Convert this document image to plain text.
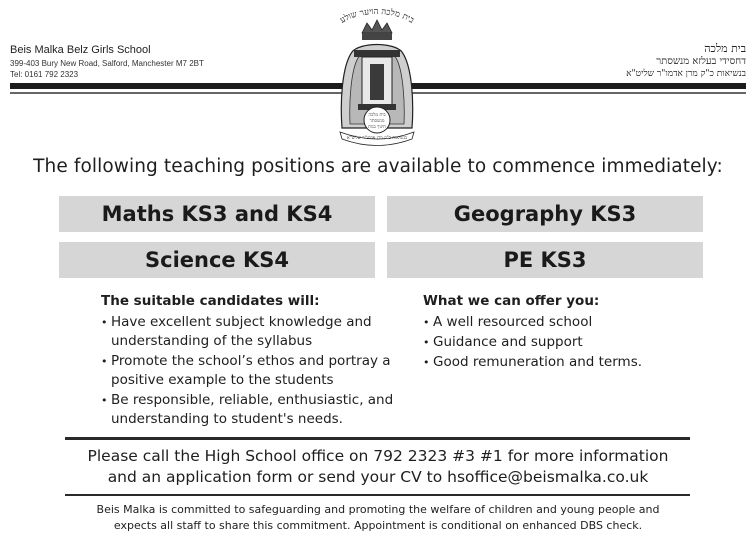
Beis Malka Belz Girls School
399-403 Bury New Road, Salford, Manchester M7 2BT
Tel: 0161 792 2323
בית מלכה
דחסידי בעלזא מנשסתר
בנשיאות כ"ק מרן אדמו"ר שליט"א
בית מלכה הויער שולע
בית מלכה
מנשסתר
חינוך בנות
בנשיאות כ"ק מרן אדמו"ר שליט"א
The following teaching positions are available to commence immediately:
Maths KS3 and KS4	Geography KS3
Science KS4	PE KS3
The suitable candidates will:
• Have excellent subject knowledge and understanding of the syllabus
• Promote the school’s ethos and portray a positive example to the students
• Be responsible, reliable, enthusiastic, and understanding to student's needs.
What we can offer you:
• A well resourced school
• Guidance and support
• Good remuneration and terms.
Please call the High School office on 792 2323 #3 #1 for more information
and an application form or send your CV to hsoffice@beismalka.co.uk
Beis Malka is committed to safeguarding and promoting the welfare of children and young people and
expects all staff to share this commitment. Appointment is conditional on enhanced DBS check.
